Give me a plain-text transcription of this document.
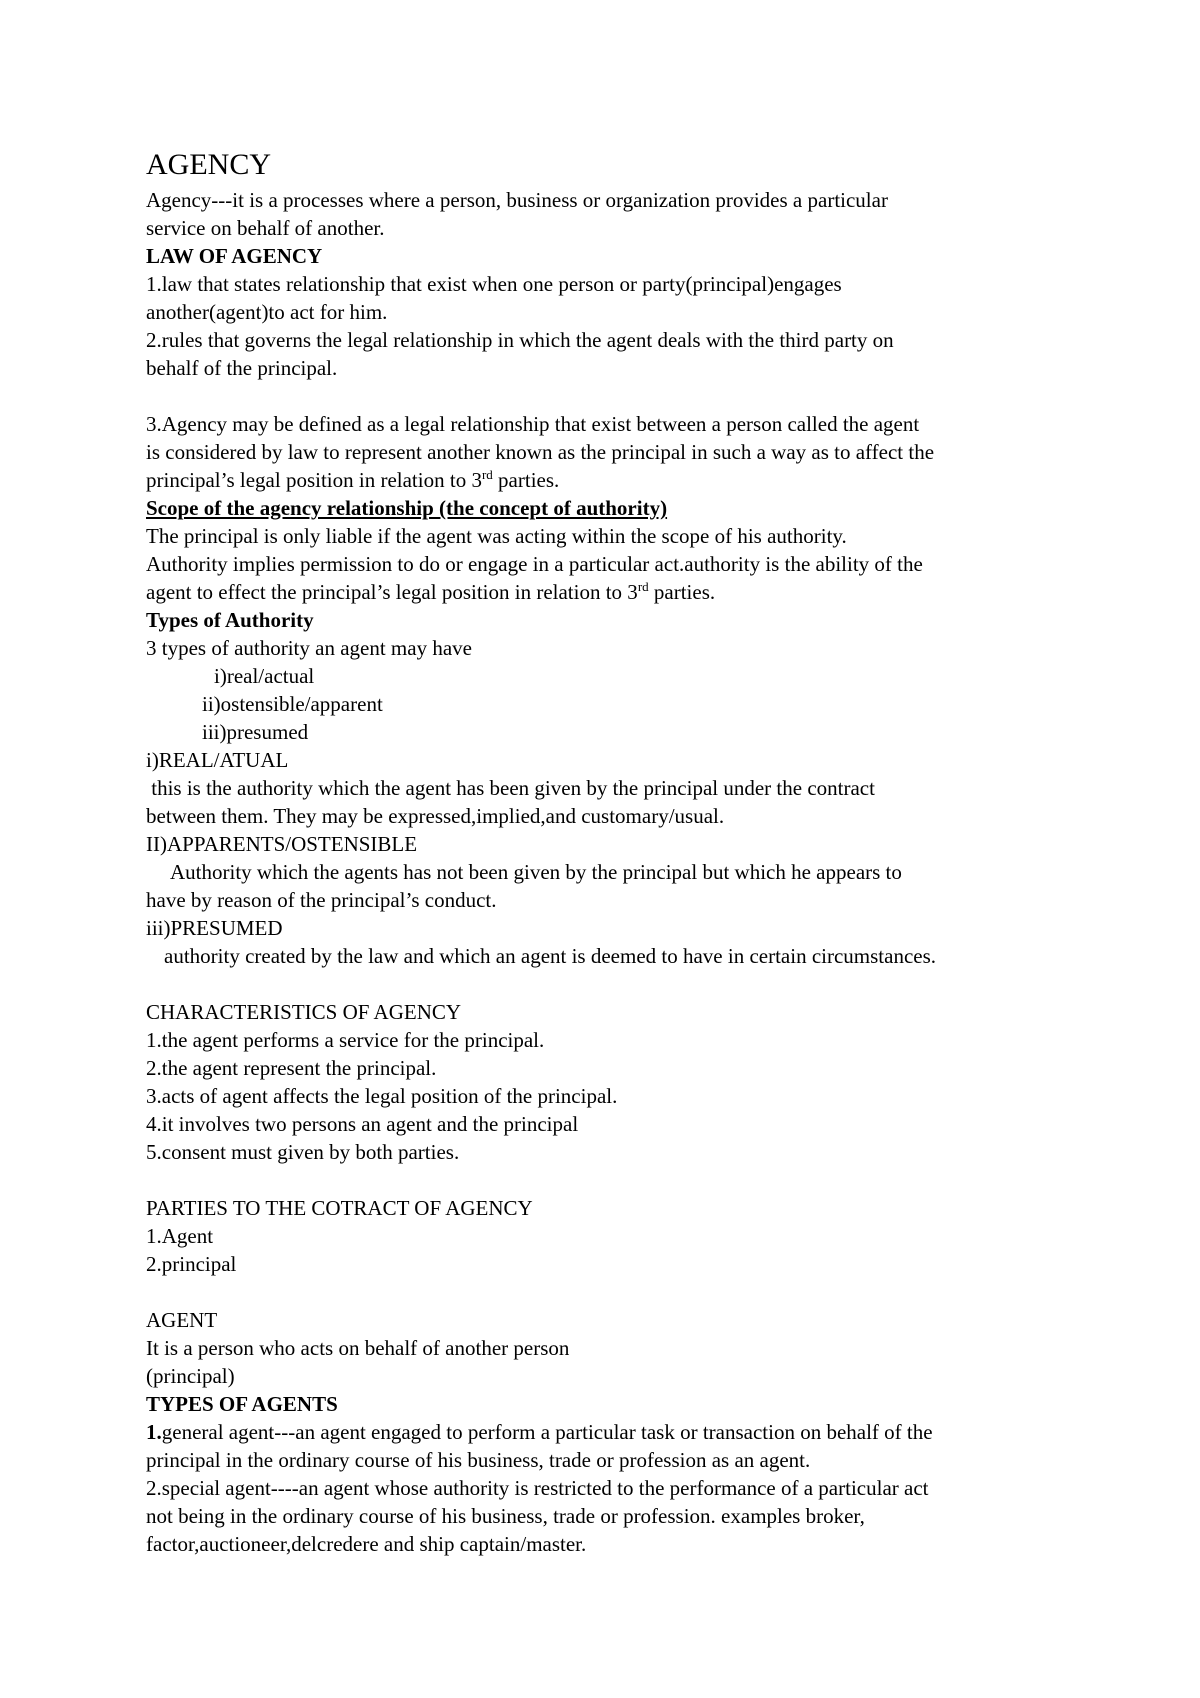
AGENCY
Agency---it is a processes where a person, business or organization provides a particular
service on behalf of another.
LAW OF AGENCY
1.law that states relationship that exist when one person or party(principal)engages
another(agent)to act for him.
2.rules that governs the legal relationship in which the agent deals with the third party on
behalf of the principal.
3.Agency may be defined as a legal relationship that exist between a person called the agent
is considered by law to represent another known as the principal in such a way as to affect the
principal’s legal position in relation to 3rd parties.
Scope of the agency relationship (the concept of authority)
The principal is only liable if the agent was acting within the scope of his authority.
Authority implies permission to do or engage in a particular act.authority is the ability of the
agent to effect the principal’s legal position in relation to 3rd parties.
Types of Authority
3 types of authority an agent may have
i)real/actual
ii)ostensible/apparent
iii)presumed
i)REAL/ATUAL
this is the authority which the agent has been given by the principal under the contract
between them. They may be expressed,implied,and customary/usual.
II)APPARENTS/OSTENSIBLE
Authority which the agents has not been given by the principal but which he appears to
have by reason of the principal’s conduct.
iii)PRESUMED
authority created by the law and which an agent is deemed to have in certain circumstances.
CHARACTERISTICS OF AGENCY
1.the agent performs a service for the principal.
2.the agent represent the principal.
3.acts of agent affects the legal position of the principal.
4.it involves two persons an agent and the principal
5.consent must given by both parties.
PARTIES TO THE COTRACT OF AGENCY
1.Agent
2.principal
AGENT
It is a person who acts on behalf of another person
(principal)
TYPES OF AGENTS
1.general agent---an agent engaged to perform a particular task or transaction on behalf of the
principal in the ordinary course of his business, trade or profession as an agent.
2.special agent----an agent whose authority is restricted to the performance of a particular act
not being in the ordinary course of his business, trade or profession. examples broker,
factor,auctioneer,delcredere and ship captain/master.
